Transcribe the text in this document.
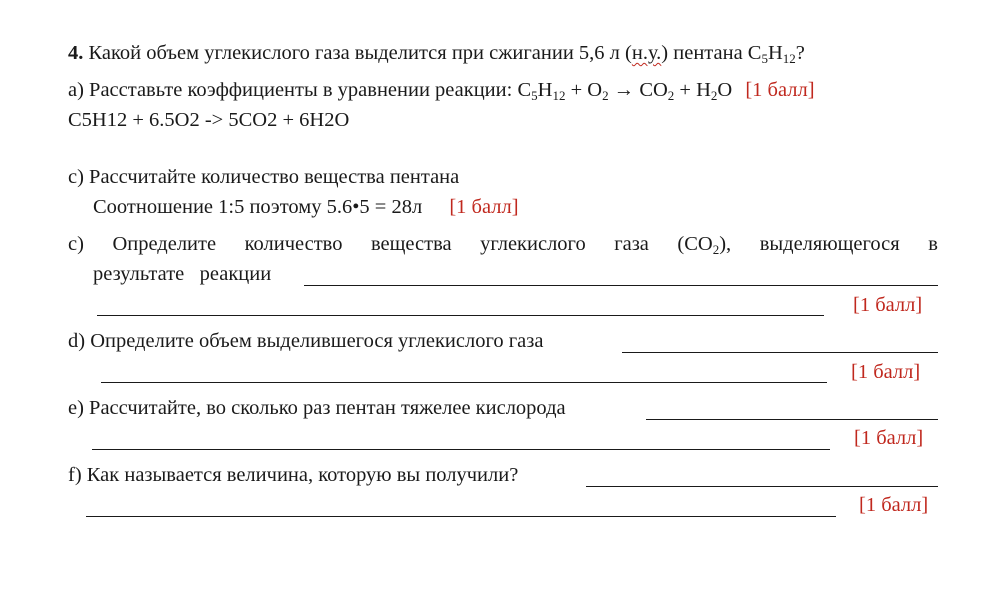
4. Какой объем углекислого газа выделится при сжигании 5,6 л (н.у.) пентана $C_5H_{12}$?
a) Расставьте коэффициенты в уравнении реакции: $C_5H_{12} + O_2 \to CO_2 + H_2O$ [1 балл]
C5H12 + 6.5O2 -> 5CO2 + 6H2O
c) Рассчитайте количество вещества пентана
Соотношение 1:5 поэтому 5.6•5 = 28л [1 балл]
c) Определите количество вещества углекислого газа $(CO_2)$, выделяющегося в
результате   реакции
[1 балл]
d) Определите объем выделившегося углекислого газа
[1 балл]
e) Рассчитайте, во сколько раз пентан тяжелее кислорода
[1 балл]
f) Как называется величина, которую вы получили?
[1 балл]
